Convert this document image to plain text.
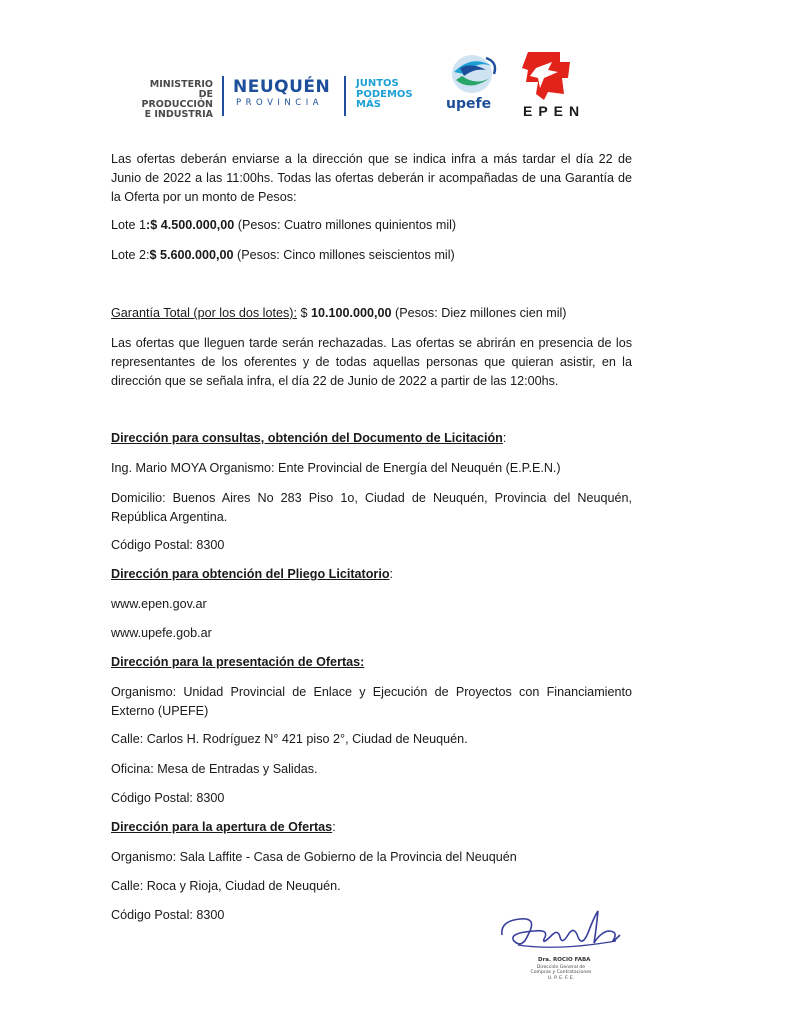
MINISTERIO DE
PRODUCCIÓN
E INDUSTRIA
NEUQUÉN
PROVINCIA
JUNTOS
PODEMOS
MÁS	upefe EPEN

Las ofertas deberán enviarse a la dirección que se indica infra a más tardar el día 22 de Junio de 2022 a las 11:00hs. Todas las ofertas deberán ir acompañadas de una Garantía de la Oferta por un monto de Pesos:

Lote 1:$ 4.500.000,00 (Pesos: Cuatro millones quinientos mil)

Lote 2:$ 5.600.000,00 (Pesos: Cinco millones seiscientos mil)

Garantía Total (por los dos lotes): $ 10.100.000,00 (Pesos: Diez millones cien mil)

Las ofertas que lleguen tarde serán rechazadas. Las ofertas se abrirán en presencia de los representantes de los oferentes y de todas aquellas personas que quieran asistir, en la dirección que se señala infra, el día 22 de Junio de 2022 a partir de las 12:00hs.

Dirección para consultas, obtención del Documento de Licitación:

Ing. Mario MOYA Organismo: Ente Provincial de Energía del Neuquén (E.P.E.N.)

Domicilio: Buenos Aires No 283 Piso 1o, Ciudad de Neuquén, Provincia del Neuquén, República Argentina.

Código Postal: 8300

Dirección para obtención del Pliego Licitatorio:

www.epen.gov.ar

www.upefe.gob.ar

Dirección para la presentación de Ofertas:

Organismo: Unidad Provincial de Enlace y Ejecución de Proyectos con Financiamiento Externo (UPEFE)

Calle: Carlos H. Rodríguez N° 421 piso 2°, Ciudad de Neuquén.

Oficina: Mesa de Entradas y Salidas.

Código Postal: 8300

Dirección para la apertura de Ofertas:

Organismo: Sala Laffite - Casa de Gobierno de la Provincia del Neuquén

Calle: Roca y Rioja, Ciudad de Neuquén.

Código Postal: 8300

Dra. ROCIO FABA
Dirección General de
Compras y Contrataciones
U. P. E. F. E.
